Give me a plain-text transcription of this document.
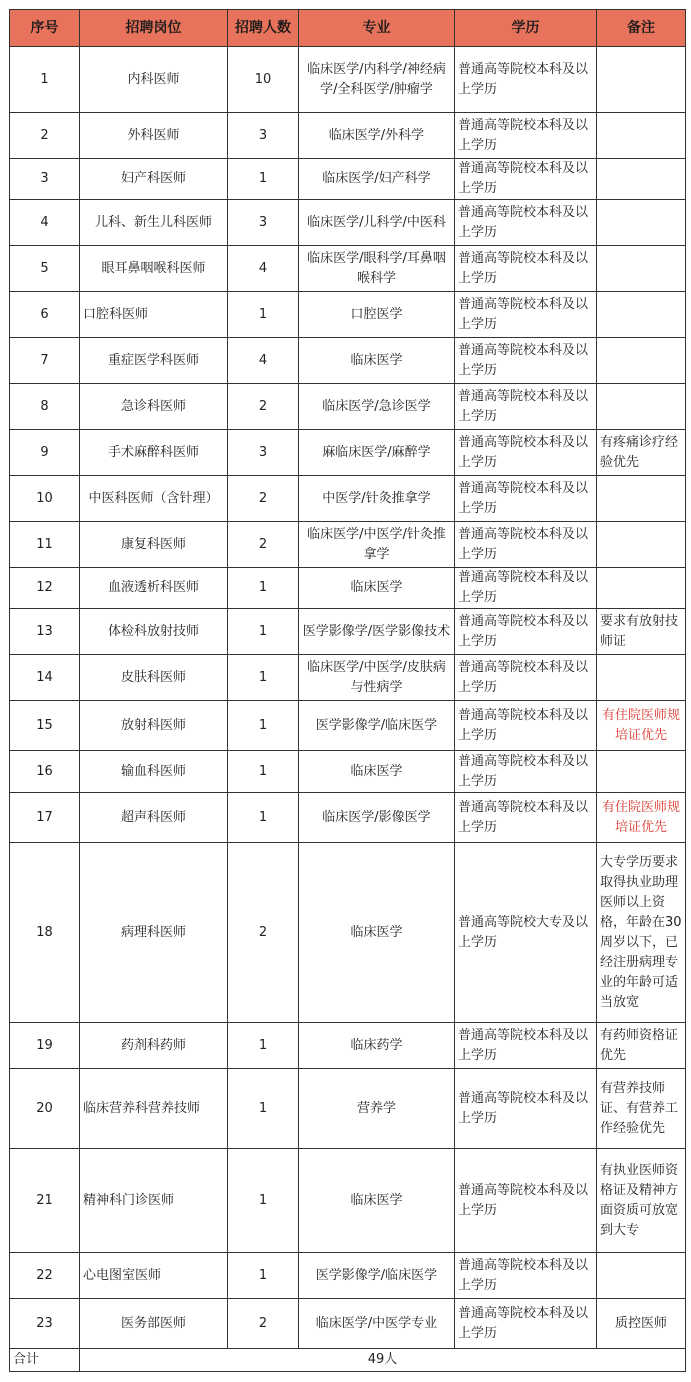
序号	招聘岗位	招聘人数	专业	学历	备注
1	内科医师	10	临床医学/内科学/神经病学/全科医学/肿瘤学	普通高等院校本科及以上学历	
2	外科医师	3	临床医学/外科学	普通高等院校本科及以上学历	
3	妇产科医师	1	临床医学/妇产科学	普通高等院校本科及以上学历	
4	儿科、新生儿科医师	3	临床医学/儿科学/中医科	普通高等院校本科及以上学历	
5	眼耳鼻咽喉科医师	4	临床医学/眼科学/耳鼻咽喉科学	普通高等院校本科及以上学历	
6	口腔科医师	1	口腔医学	普通高等院校本科及以上学历	
7	重症医学科医师	4	临床医学	普通高等院校本科及以上学历	
8	急诊科医师	2	临床医学/急诊医学	普通高等院校本科及以上学历	
9	手术麻醉科医师	3	麻临床医学/麻醉学	普通高等院校本科及以上学历	有疼痛诊疗经验优先
10	中医科医师（含针理）	2	中医学/针灸推拿学	普通高等院校本科及以上学历	
11	康复科医师	2	临床医学/中医学/针灸推拿学	普通高等院校本科及以上学历	
12	血液透析科医师	1	临床医学	普通高等院校本科及以上学历	
13	体检科放射技师	1	医学影像学/医学影像技术	普通高等院校本科及以上学历	要求有放射技师证
14	皮肤科医师	1	临床医学/中医学/皮肤病与性病学	普通高等院校本科及以上学历	
15	放射科医师	1	医学影像学/临床医学	普通高等院校本科及以上学历	有住院医师规培证优先
16	输血科医师	1	临床医学	普通高等院校本科及以上学历	
17	超声科医师	1	临床医学/影像医学	普通高等院校本科及以上学历	有住院医师规培证优先
18	病理科医师	2	临床医学	普通高等院校大专及以上学历	大专学历要求取得执业助理医师以上资格，年龄在30周岁以下，已经注册病理专业的年龄可适当放宽
19	药剂科药师	1	临床药学	普通高等院校本科及以上学历	有药师资格证优先
20	临床营养科营养技师	1	营养学	普通高等院校本科及以上学历	有营养技师证、有营养工作经验优先
21	精神科门诊医师	1	临床医学	普通高等院校本科及以上学历	有执业医师资格证及精神方面资质可放宽到大专
22	心电图室医师	1	医学影像学/临床医学	普通高等院校本科及以上学历	
23	医务部医师	2	临床医学/中医学专业	普通高等院校本科及以上学历	质控医师
合计	49人				
